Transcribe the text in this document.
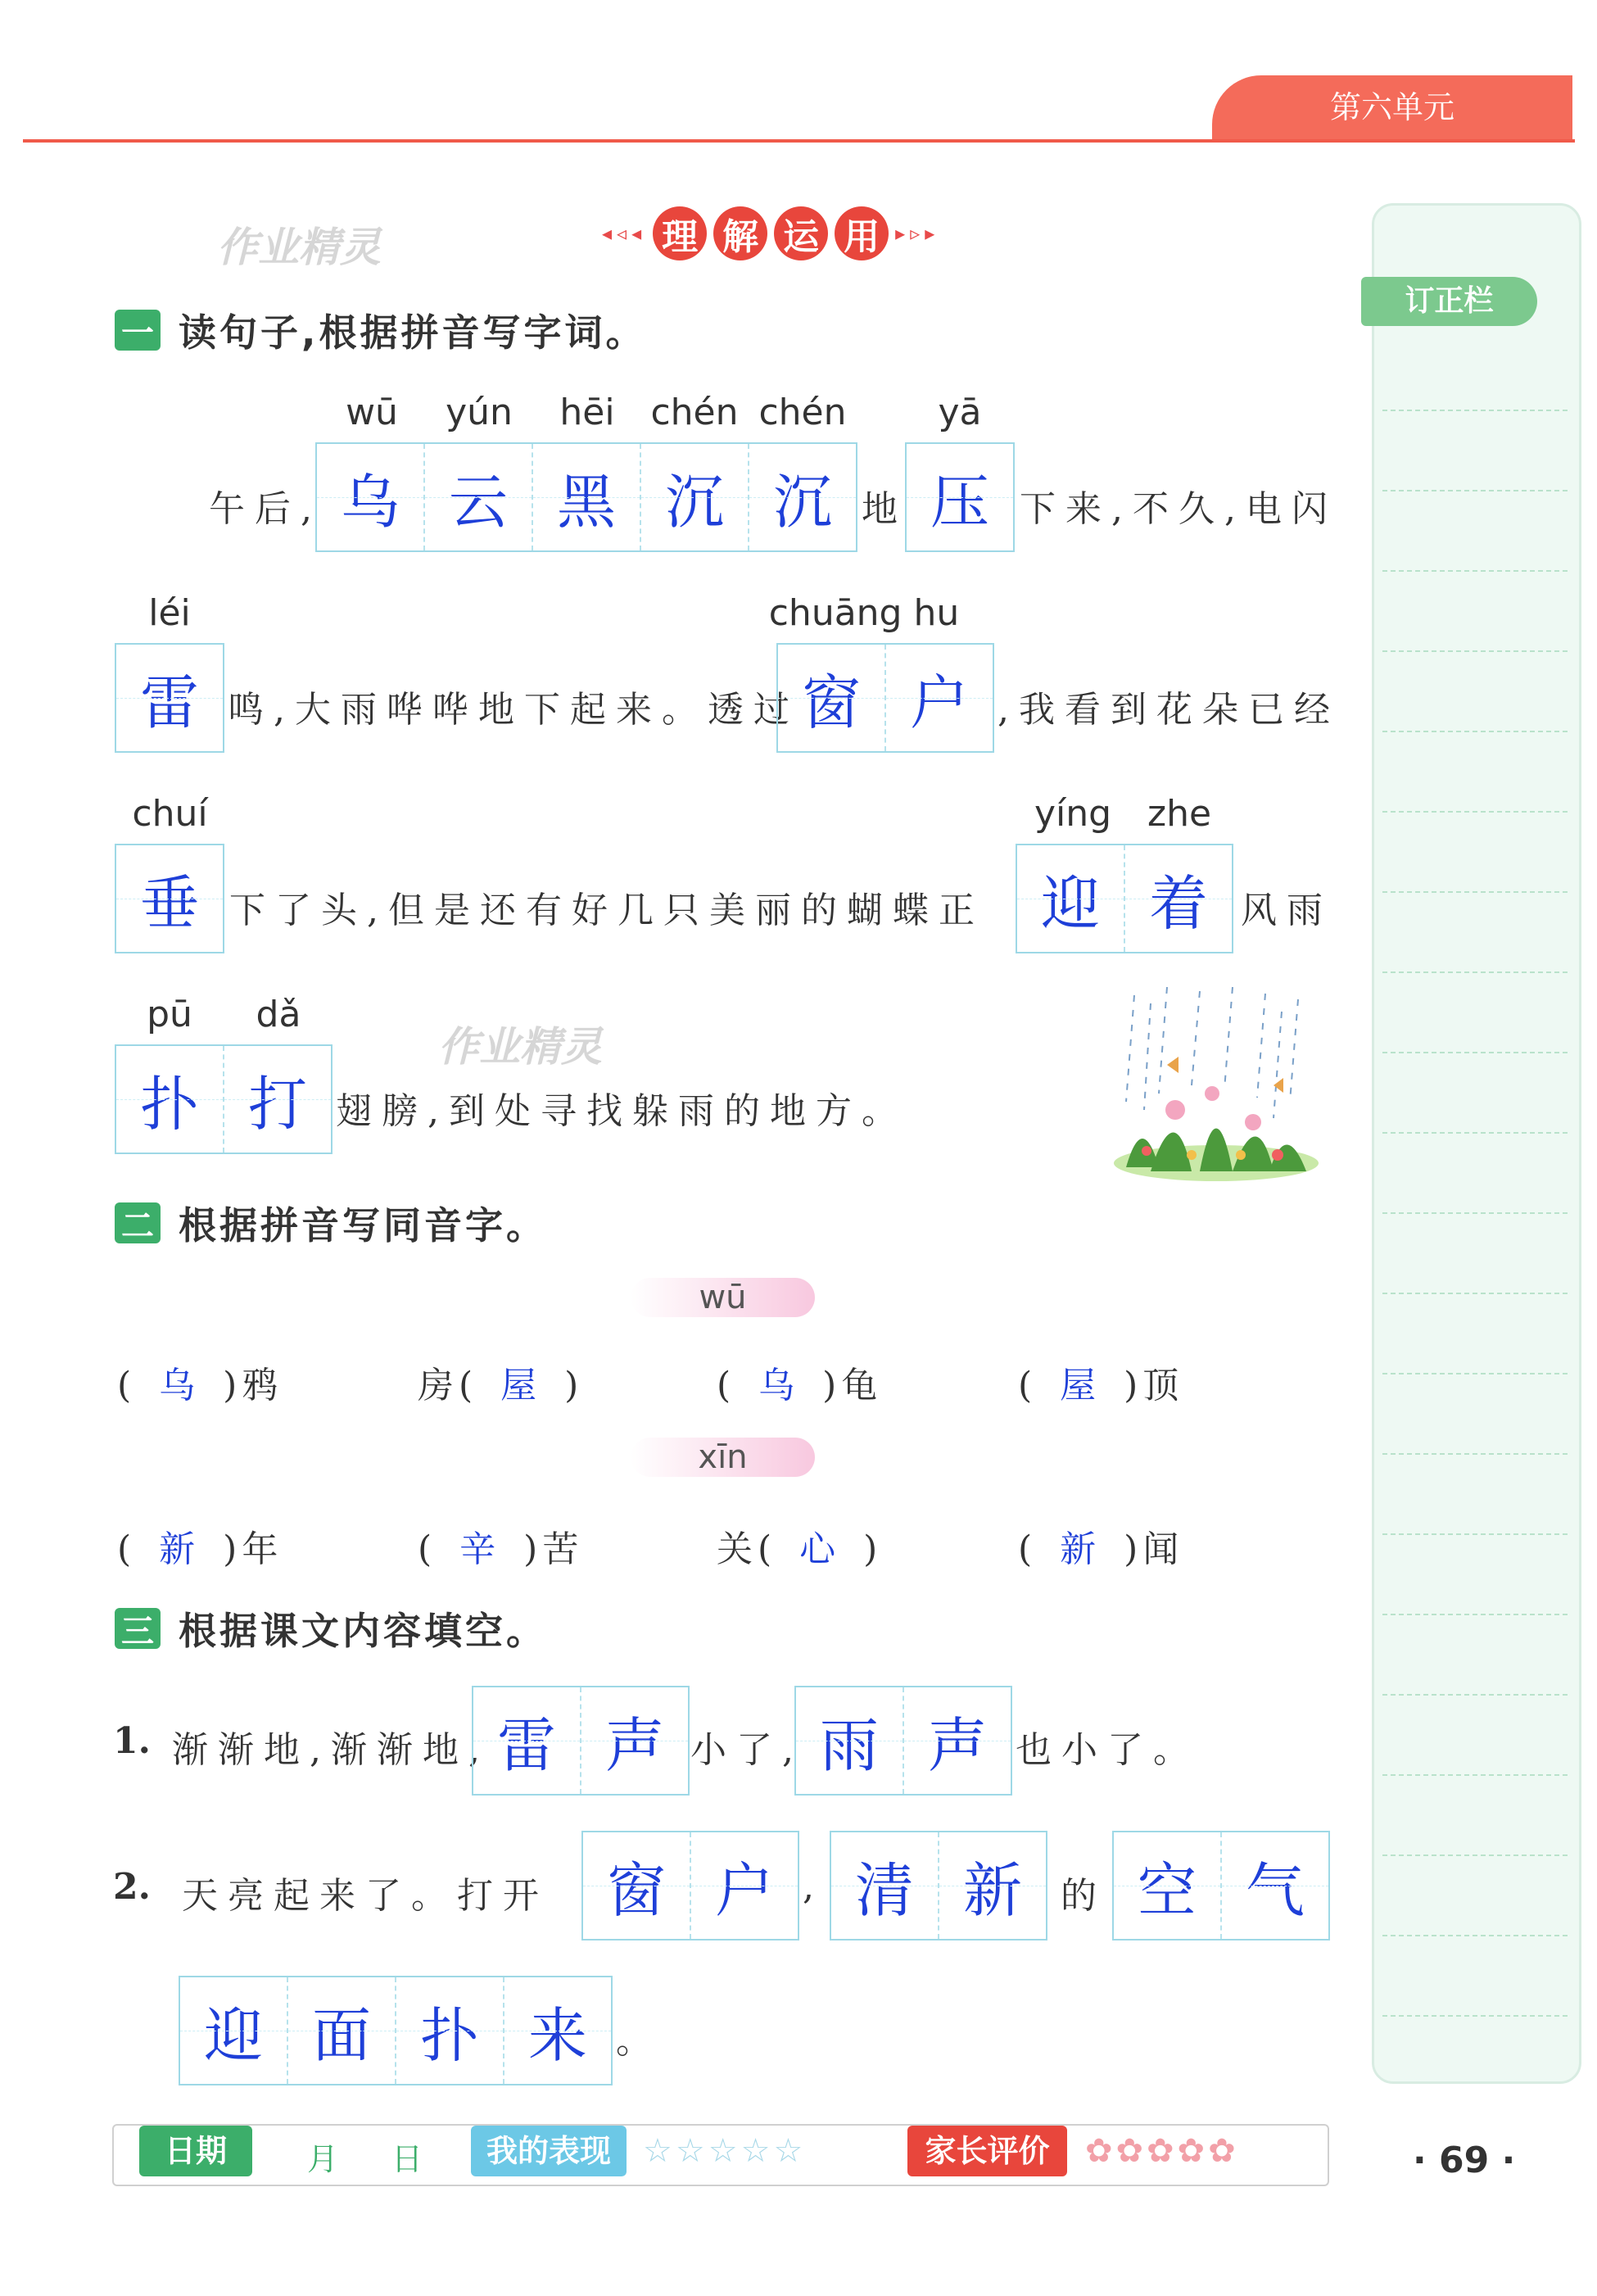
第六单元
◂◃◂ 理 解 运 用 ▸▹▸
作业精灵
作业精灵
订正栏
一 读句子,根据拼音写字词。
wū	yún	hēi chén chén	yā
午后, 乌 云 黑 沉 沉 地 压 下来,不久,电闪
léi	chuāng hu
雷 鸣,大雨哗哗地下起来。透过 窗 户 ,我看到花朵已经
chuí	yíng zhe
垂 下了头,但是还有好几只美丽的蝴蝶正 迎 着 风雨
pū	dǎ
扑 打 翅膀,到处寻找躲雨的地方。
二 根据拼音写同音字。
wū
xīn
( 乌 )鸦	房( 屋 )	( 乌 )龟	( 屋 )顶
( 新 )年	( 辛 )苦	关( 心 )	( 新 )闻
三 根据课文内容填空。
1. 渐渐地,渐渐地, 雷 声 小了, 雨 声 也小了。
2. 天亮起来了。打开 窗 户 , 清 新	的 空 气
迎 面 扑 来 。
日期	月 日	我的表现 ☆☆☆☆☆	家长评价	✿✿✿✿✿	· 69 ·
